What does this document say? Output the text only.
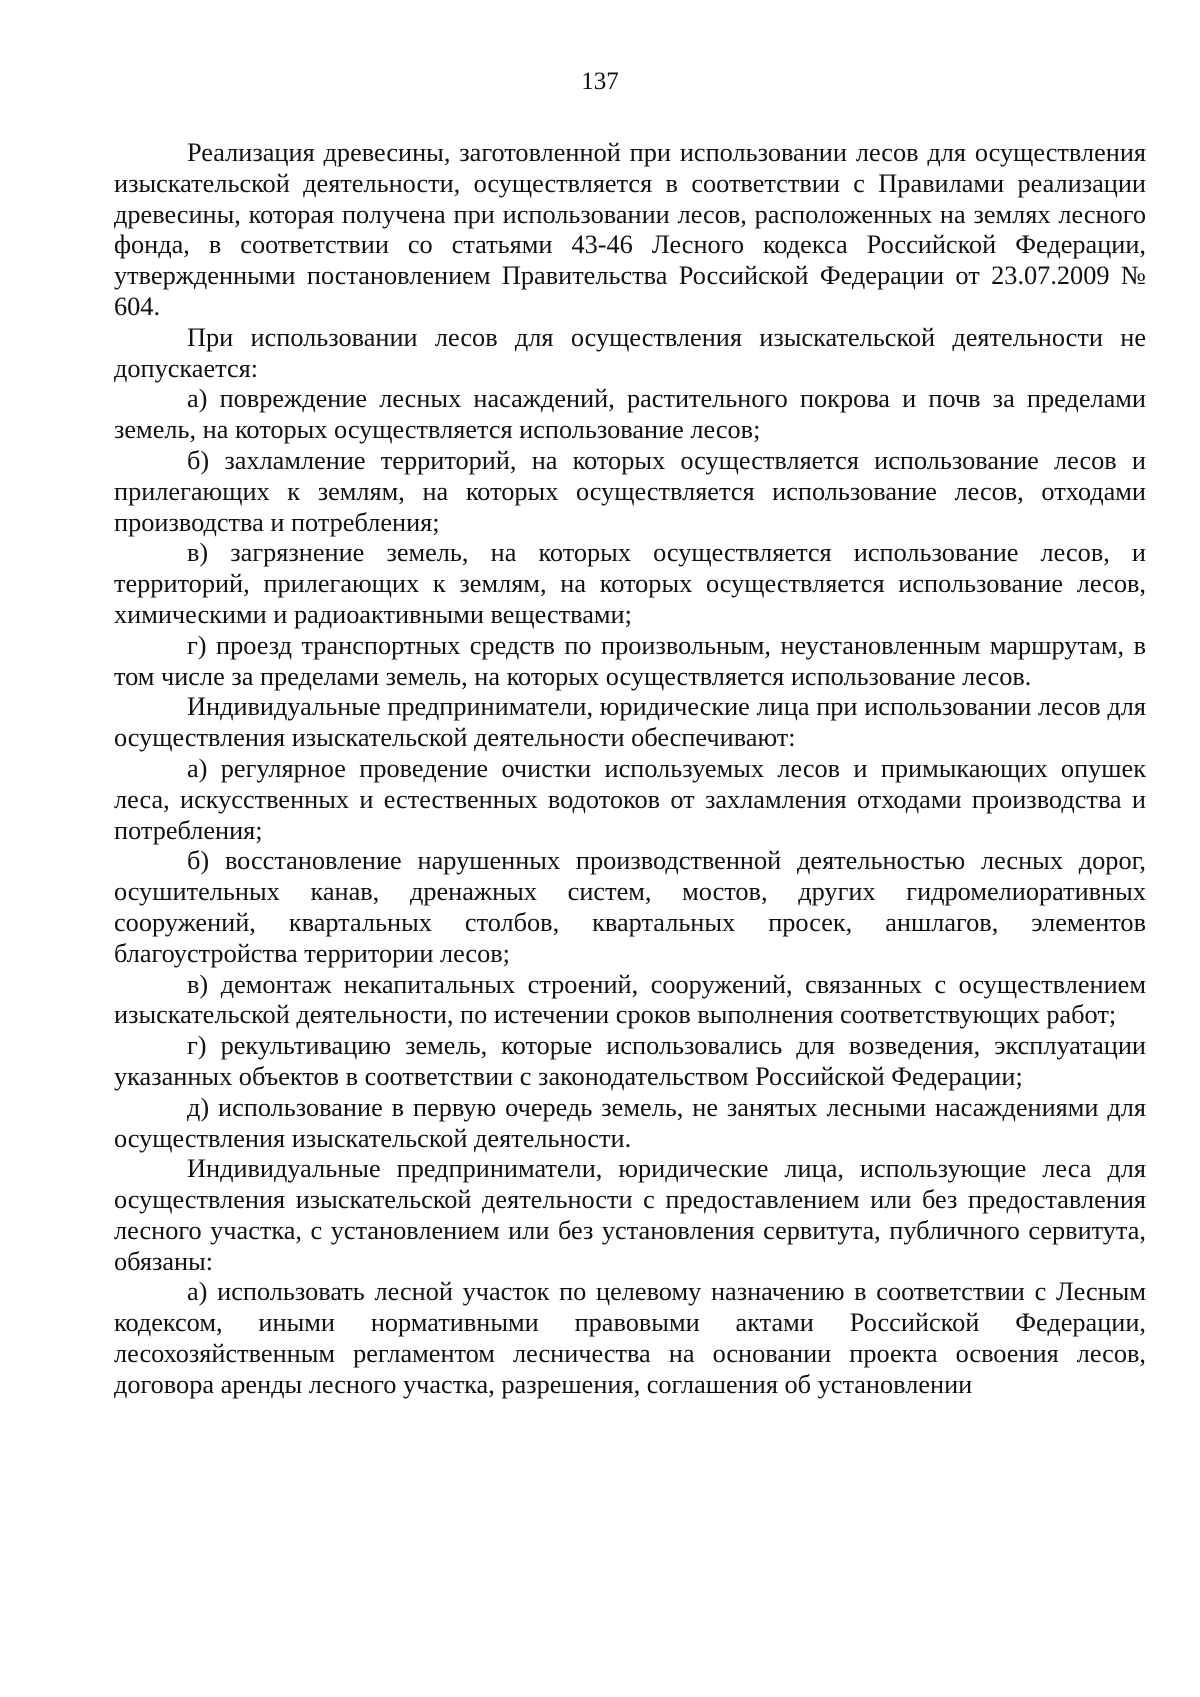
137

Реализация древесины, заготовленной при использовании лесов для осуществления изыскательской деятельности, осуществляется в соответствии с Правилами реализации древесины, которая получена при использовании лесов, расположенных на землях лесного фонда, в соответствии со статьями 43-46 Лесного кодекса Российской Федерации, утвержденными постановлением Правительства Российской Федерации от 23.07.2009 № 604.

При использовании лесов для осуществления изыскательской деятельности не допускается:

а) повреждение лесных насаждений, растительного покрова и почв за пределами земель, на которых осуществляется использование лесов;

б) захламление территорий, на которых осуществляется использование лесов и прилегающих к землям, на которых осуществляется использование лесов, отходами производства и потребления;

в) загрязнение земель, на которых осуществляется использование лесов, и территорий, прилегающих к землям, на которых осуществляется использование лесов, химическими и радиоактивными веществами;

г) проезд транспортных средств по произвольным, неустановленным маршрутам, в том числе за пределами земель, на которых осуществляется использование лесов.

Индивидуальные предприниматели, юридические лица при использовании лесов для осуществления изыскательской деятельности обеспечивают:

а) регулярное проведение очистки используемых лесов и примыкающих опушек леса, искусственных и естественных водотоков от захламления отходами производства и потребления;

б) восстановление нарушенных производственной деятельностью лесных дорог, осушительных канав, дренажных систем, мостов, других гидромелиоративных сооружений, квартальных столбов, квартальных просек, аншлагов, элементов благоустройства территории лесов;

в) демонтаж некапитальных строений, сооружений, связанных с осуществлением изыскательской деятельности, по истечении сроков выполнения соответствующих работ;

г) рекультивацию земель, которые использовались для возведения, эксплуатации указанных объектов в соответствии с законодательством Российской Федерации;

д) использование в первую очередь земель, не занятых лесными насаждениями для осуществления изыскательской деятельности.

Индивидуальные предприниматели, юридические лица, использующие леса для осуществления изыскательской деятельности с предоставлением или без предоставления лесного участка, с установлением или без установления сервитута, публичного сервитута, обязаны:

а) использовать лесной участок по целевому назначению в соответствии с Лесным кодексом, иными нормативными правовыми актами Российской Федерации, лесохозяйственным регламентом лесничества на основании проекта освоения лесов, договора аренды лесного участка, разрешения, соглашения об установлении
